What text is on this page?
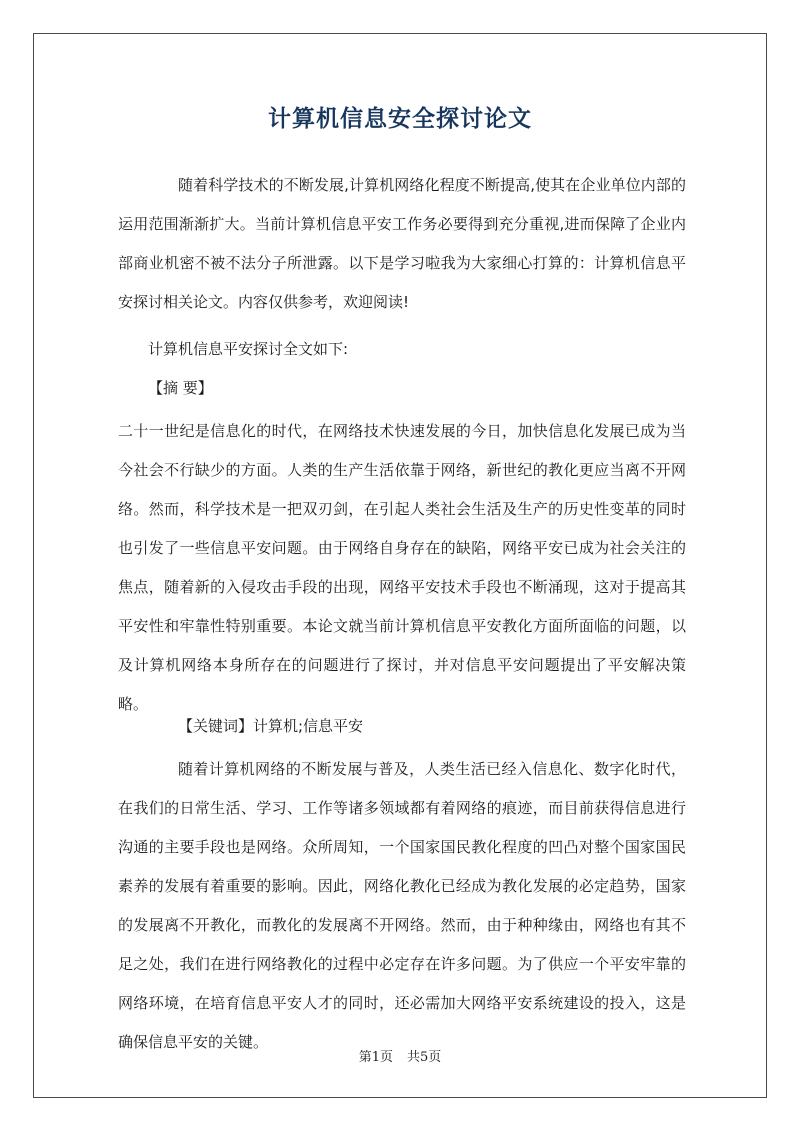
计算机信息安全探讨论文

随着科学技术的不断发展,计算机网络化程度不断提高,使其在企业单位内部的运用范围渐渐扩大。当前计算机信息平安工作务必要得到充分重视,进而保障了企业内部商业机密不被不法分子所泄露。以下是学习啦我为大家细心打算的：计算机信息平安探讨相关论文。内容仅供参考，欢迎阅读!

计算机信息平安探讨全文如下:

【摘 要】

二十一世纪是信息化的时代，在网络技术快速发展的今日，加快信息化发展已成为当今社会不行缺少的方面。人类的生产生活依靠于网络，新世纪的教化更应当离不开网络。然而，科学技术是一把双刃剑，在引起人类社会生活及生产的历史性变革的同时也引发了一些信息平安问题。由于网络自身存在的缺陷，网络平安已成为社会关注的焦点，随着新的入侵攻击手段的出现，网络平安技术手段也不断涌现，这对于提高其平安性和牢靠性特别重要。本论文就当前计算机信息平安教化方面所面临的问题，以及计算机网络本身所存在的问题进行了探讨，并对信息平安问题提出了平安解决策略。

【关键词】计算机;信息平安

随着计算机网络的不断发展与普及，人类生活已经入信息化、数字化时代，在我们的日常生活、学习、工作等诸多领域都有着网络的痕迹，而目前获得信息进行沟通的主要手段也是网络。众所周知，一个国家国民教化程度的凹凸对整个国家国民素养的发展有着重要的影响。因此，网络化教化已经成为教化发展的必定趋势，国家的发展离不开教化，而教化的发展离不开网络。然而，由于种种缘由，网络也有其不足之处，我们在进行网络教化的过程中必定存在许多问题。为了供应一个平安牢靠的网络环境，在培育信息平安人才的同时，还必需加大网络平安系统建设的投入，这是确保信息平安的关键。

第1页 共5页
